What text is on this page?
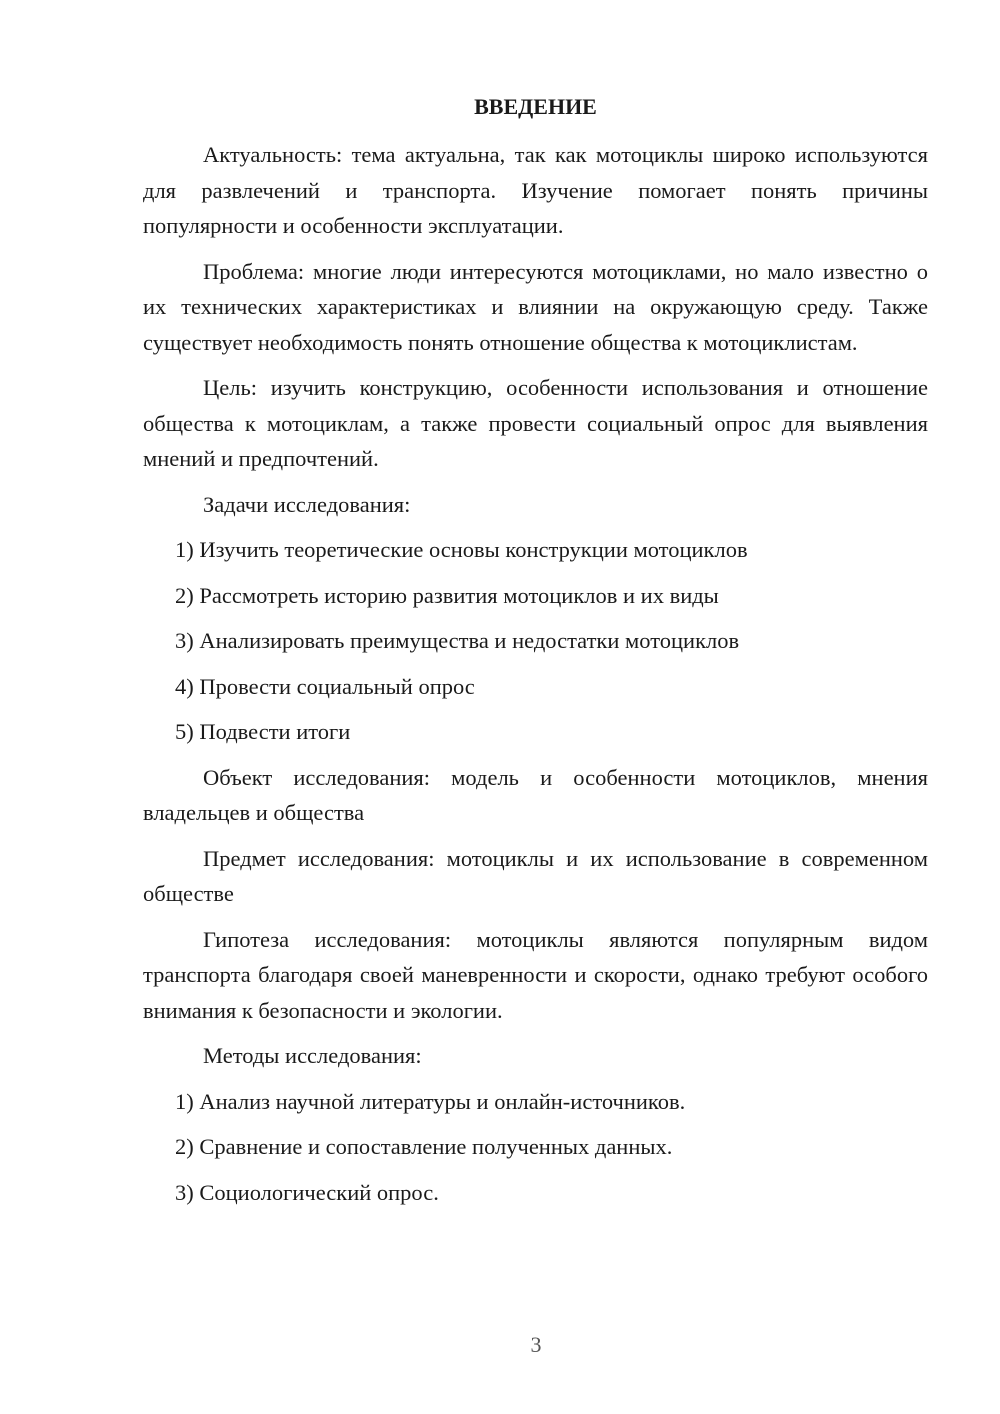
ВВЕДЕНИЕ

Актуальность: тема актуальна, так как мотоциклы широко используются для развлечений и транспорта. Изучение помогает понять причины популярности и особенности эксплуатации.

Проблема: многие люди интересуются мотоциклами, но мало известно о их технических характеристиках и влиянии на окружающую среду. Также существует необходимость понять отношение общества к мотоциклистам.

Цель: изучить конструкцию, особенности использования и отношение общества к мотоциклам, а также провести социальный опрос для выявления мнений и предпочтений.

Задачи исследования:

1) Изучить теоретические основы конструкции мотоциклов

2) Рассмотреть историю развития мотоциклов и их виды

3) Анализировать преимущества и недостатки мотоциклов

4) Провести социальный опрос

5) Подвести итоги

Объект исследования: модель и особенности мотоциклов, мнения владельцев и общества

Предмет исследования: мотоциклы и их использование в современном обществе

Гипотеза исследования: мотоциклы являются популярным видом транспорта благодаря своей маневренности и скорости, однако требуют особого внимания к безопасности и экологии.

Методы исследования:

1) Анализ научной литературы и онлайн-источников.

2) Сравнение и сопоставление полученных данных.

3) Социологический опрос.

3
